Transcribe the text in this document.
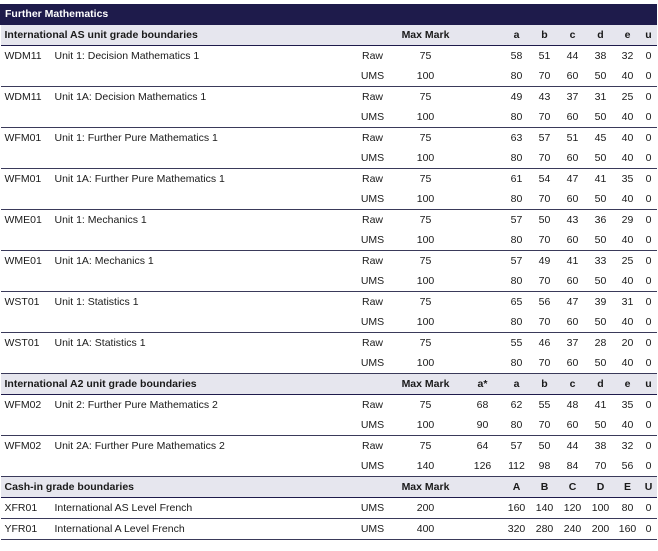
Further Mathematics										
International AS unit grade boundaries			Max Mark		a	b	c	d	e	u
WDM11	Unit 1: Decision Mathematics 1	Raw	75		58	51	44	38	32	0
		UMS	100		80	70	60	50	40	0
WDM11	Unit 1A: Decision Mathematics 1	Raw	75		49	43	37	31	25	0
		UMS	100		80	70	60	50	40	0
WFM01	Unit 1: Further Pure Mathematics 1	Raw	75		63	57	51	45	40	0
		UMS	100		80	70	60	50	40	0
WFM01	Unit 1A: Further Pure Mathematics 1	Raw	75		61	54	47	41	35	0
		UMS	100		80	70	60	50	40	0
WME01	Unit 1: Mechanics 1	Raw	75		57	50	43	36	29	0
		UMS	100		80	70	60	50	40	0
WME01	Unit 1A: Mechanics 1	Raw	75		57	49	41	33	25	0
		UMS	100		80	70	60	50	40	0
WST01	Unit 1: Statistics 1	Raw	75		65	56	47	39	31	0
		UMS	100		80	70	60	50	40	0
WST01	Unit 1A: Statistics 1	Raw	75		55	46	37	28	20	0
		UMS	100		80	70	60	50	40	0
International A2 unit grade boundaries			Max Mark	a*	a	b	c	d	e	u
WFM02	Unit 2: Further Pure Mathematics 2	Raw	75	68	62	55	48	41	35	0
		UMS	100	90	80	70	60	50	40	0
WFM02	Unit 2A: Further Pure Mathematics 2	Raw	75	64	57	50	44	38	32	0
		UMS	140	126	112	98	84	70	56	0
Cash-in grade boundaries			Max Mark		A	B	C	D	E	U
XFR01	International AS Level French	UMS	200		160	140	120	100	80	0
YFR01	International A Level French	UMS	400		320	280	240	200	160	0
